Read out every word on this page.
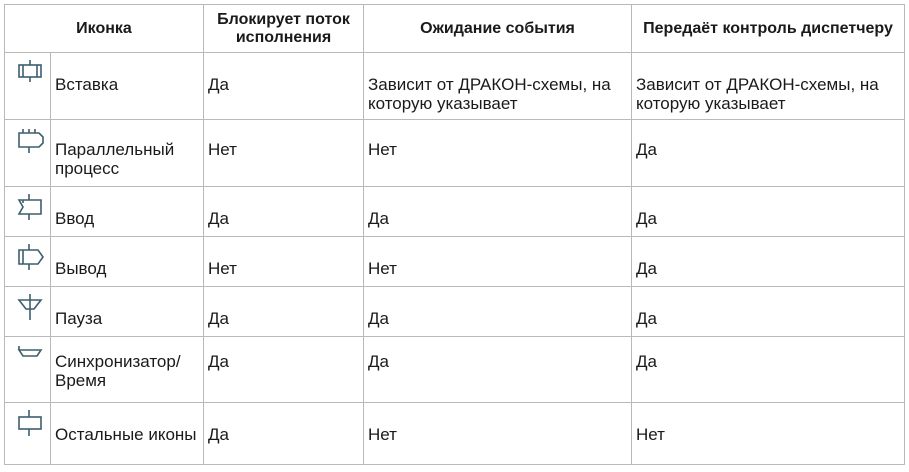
Иконка		Блокирует поток исполнения	Ожидание события	Передаёт контроль диспетчеру

	Вставка	Да	Зависит от ДРАКОН-схемы, на которую указывает	Зависит от ДРАКОН-схемы, на которую указывает

	Параллельный процесс	Нет	Нет	Да

	Ввод	Да	Да	Да

	Вывод	Нет	Нет	Да

	Пауза	Да	Да	Да

	Синхронизатор/ Время	Да	Да	Да

	Остальные иконы	Да	Нет	Нет
